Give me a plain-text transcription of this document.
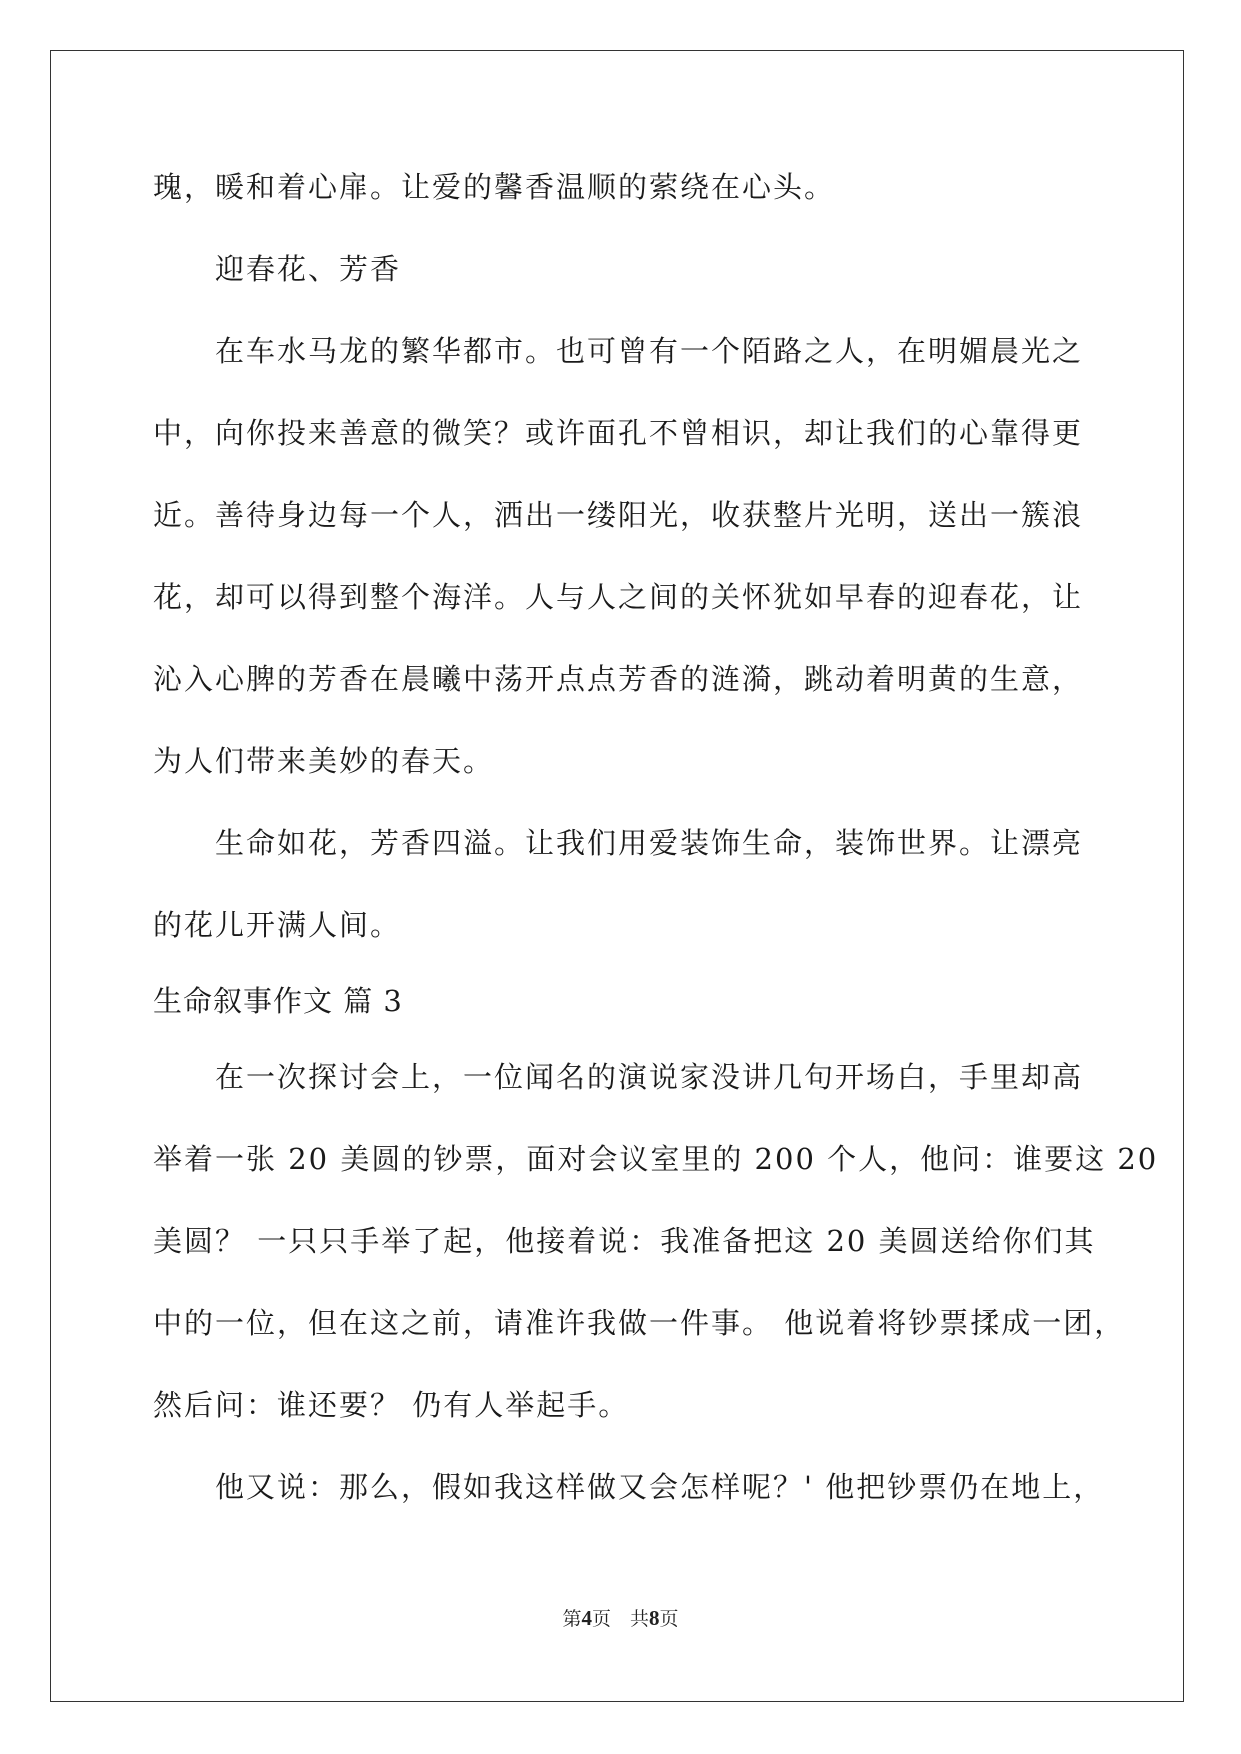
瑰，暖和着心扉。让爱的馨香温顺的萦绕在心头。
迎春花、芳香
在车水马龙的繁华都市。也可曾有一个陌路之人，在明媚晨光之
中，向你投来善意的微笑？或许面孔不曾相识，却让我们的心靠得更
近。善待身边每一个人，洒出一缕阳光，收获整片光明，送出一簇浪
花，却可以得到整个海洋。人与人之间的关怀犹如早春的迎春花，让
沁入心脾的芳香在晨曦中荡开点点芳香的涟漪，跳动着明黄的生意，
为人们带来美妙的春天。
生命如花，芳香四溢。让我们用爱装饰生命，装饰世界。让漂亮
的花儿开满人间。
生命叙事作文 篇 3
在一次探讨会上，一位闻名的演说家没讲几句开场白，手里却高
举着一张 20 美圆的钞票，面对会议室里的 200 个人，他问：谁要这 20
美圆？ 一只只手举了起，他接着说：我准备把这 20 美圆送给你们其
中的一位，但在这之前，请准许我做一件事。 他说着将钞票揉成一团，
然后问：谁还要？ 仍有人举起手。
他又说：那么，假如我这样做又会怎样呢？' 他把钞票仍在地上，
第4页　共8页
